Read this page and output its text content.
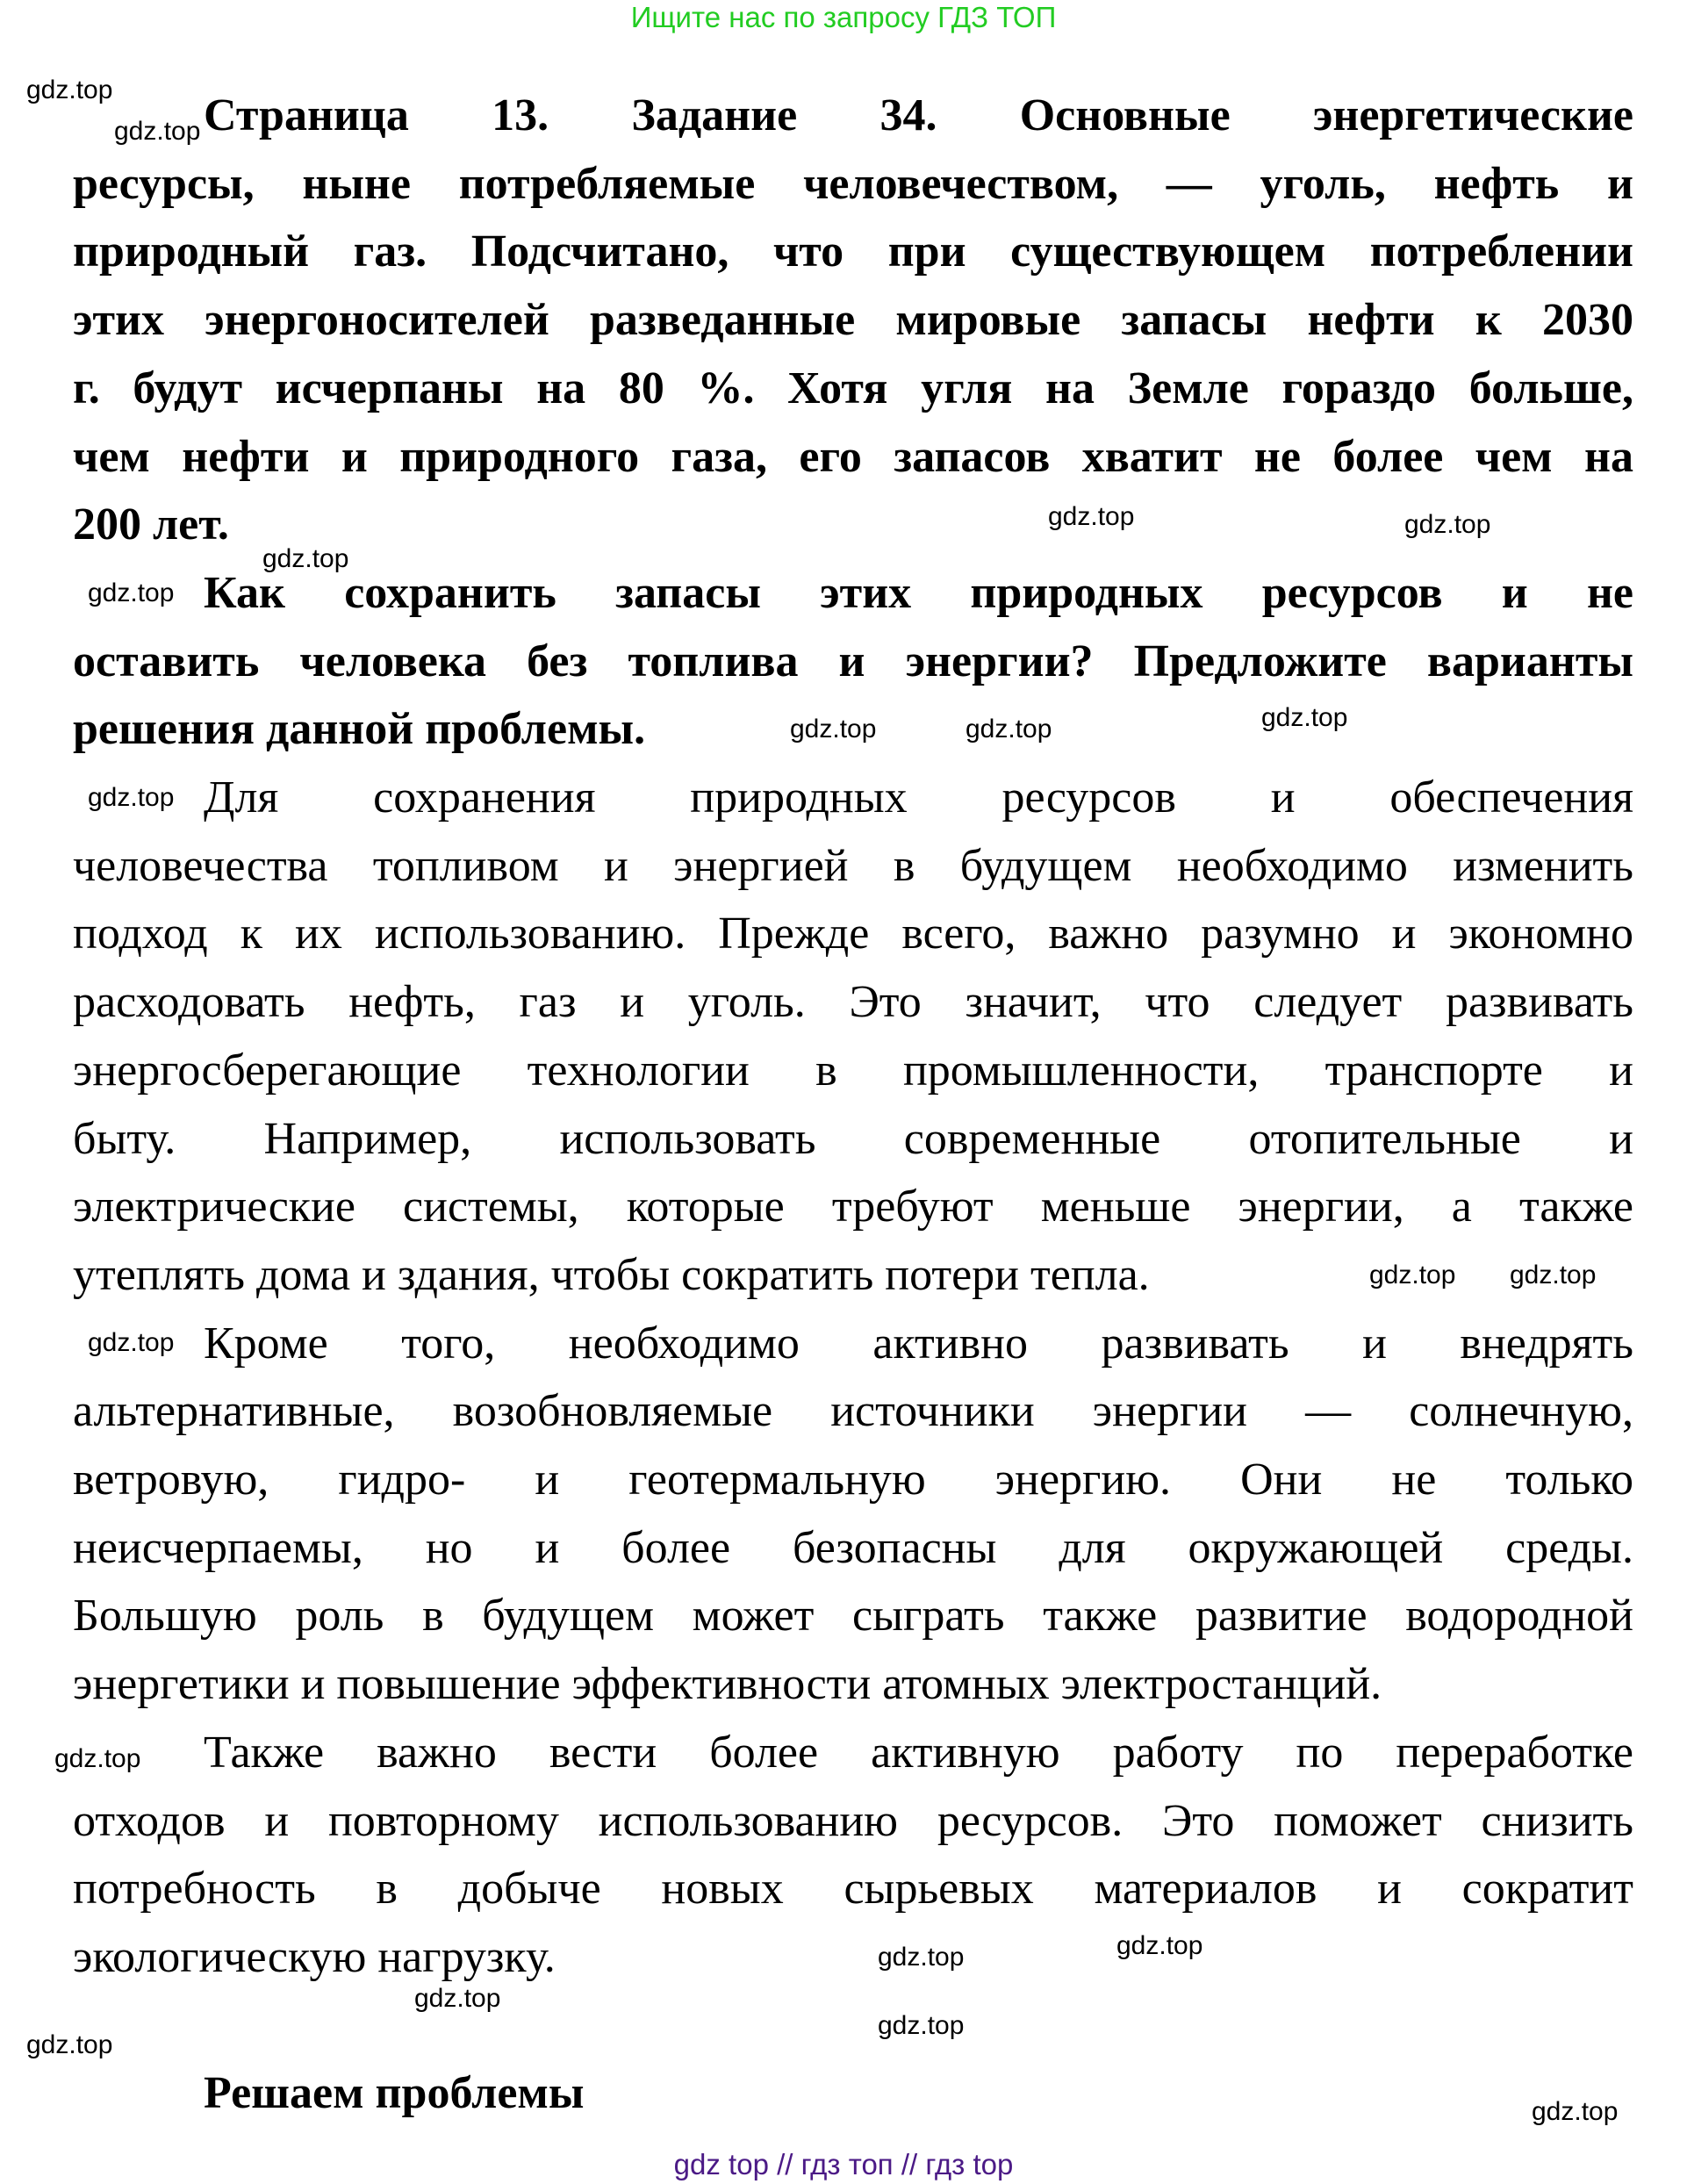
Ищите нас по запросу ГДЗ ТОП
Страница 13. Задание 34. Основные энергетические
ресурсы, ныне потребляемые человечеством, — уголь, нефть и
природный газ. Подсчитано, что при существующем потреблении
этих энергоносителей разведанные мировые запасы нефти к 2030
г. будут исчерпаны на 80 %. Хотя угля на Земле гораздо больше,
чем нефти и природного газа, его запасов хватит не более чем на
200 лет.
Как сохранить запасы этих природных ресурсов и не
оставить человека без топлива и энергии? Предложите варианты
решения данной проблемы.
Для сохранения природных ресурсов и обеспечения
человечества топливом и энергией в будущем необходимо изменить
подход к их использованию. Прежде всего, важно разумно и экономно
расходовать нефть, газ и уголь. Это значит, что следует развивать
энергосберегающие технологии в промышленности, транспорте и
быту. Например, использовать современные отопительные и
электрические системы, которые требуют меньше энергии, а также
утеплять дома и здания, чтобы сократить потери тепла.
Кроме того, необходимо активно развивать и внедрять
альтернативные, возобновляемые источники энергии — солнечную,
ветровую, гидро- и геотермальную энергию. Они не только
неисчерпаемы, но и более безопасны для окружающей среды.
Большую роль в будущем может сыграть также развитие водородной
энергетики и повышение эффективности атомных электростанций.
Также важно вести более активную работу по переработке
отходов и повторному использованию ресурсов. Это поможет снизить
потребность в добыче новых сырьевых материалов и сократит
экологическую нагрузку.
Решаем проблемы
gdz.top
gdz.top
gdz.top
gdz.top
gdz.top
gdz.top
gdz.top
gdz.top
gdz.top
gdz.top gdz.top
gdz.top
gdz.top
gdz.top
gdz.top
gdz.top
gdz.top
gdz.top
gdz.top
gdz.top
gdz top // гдз топ // гдз top
